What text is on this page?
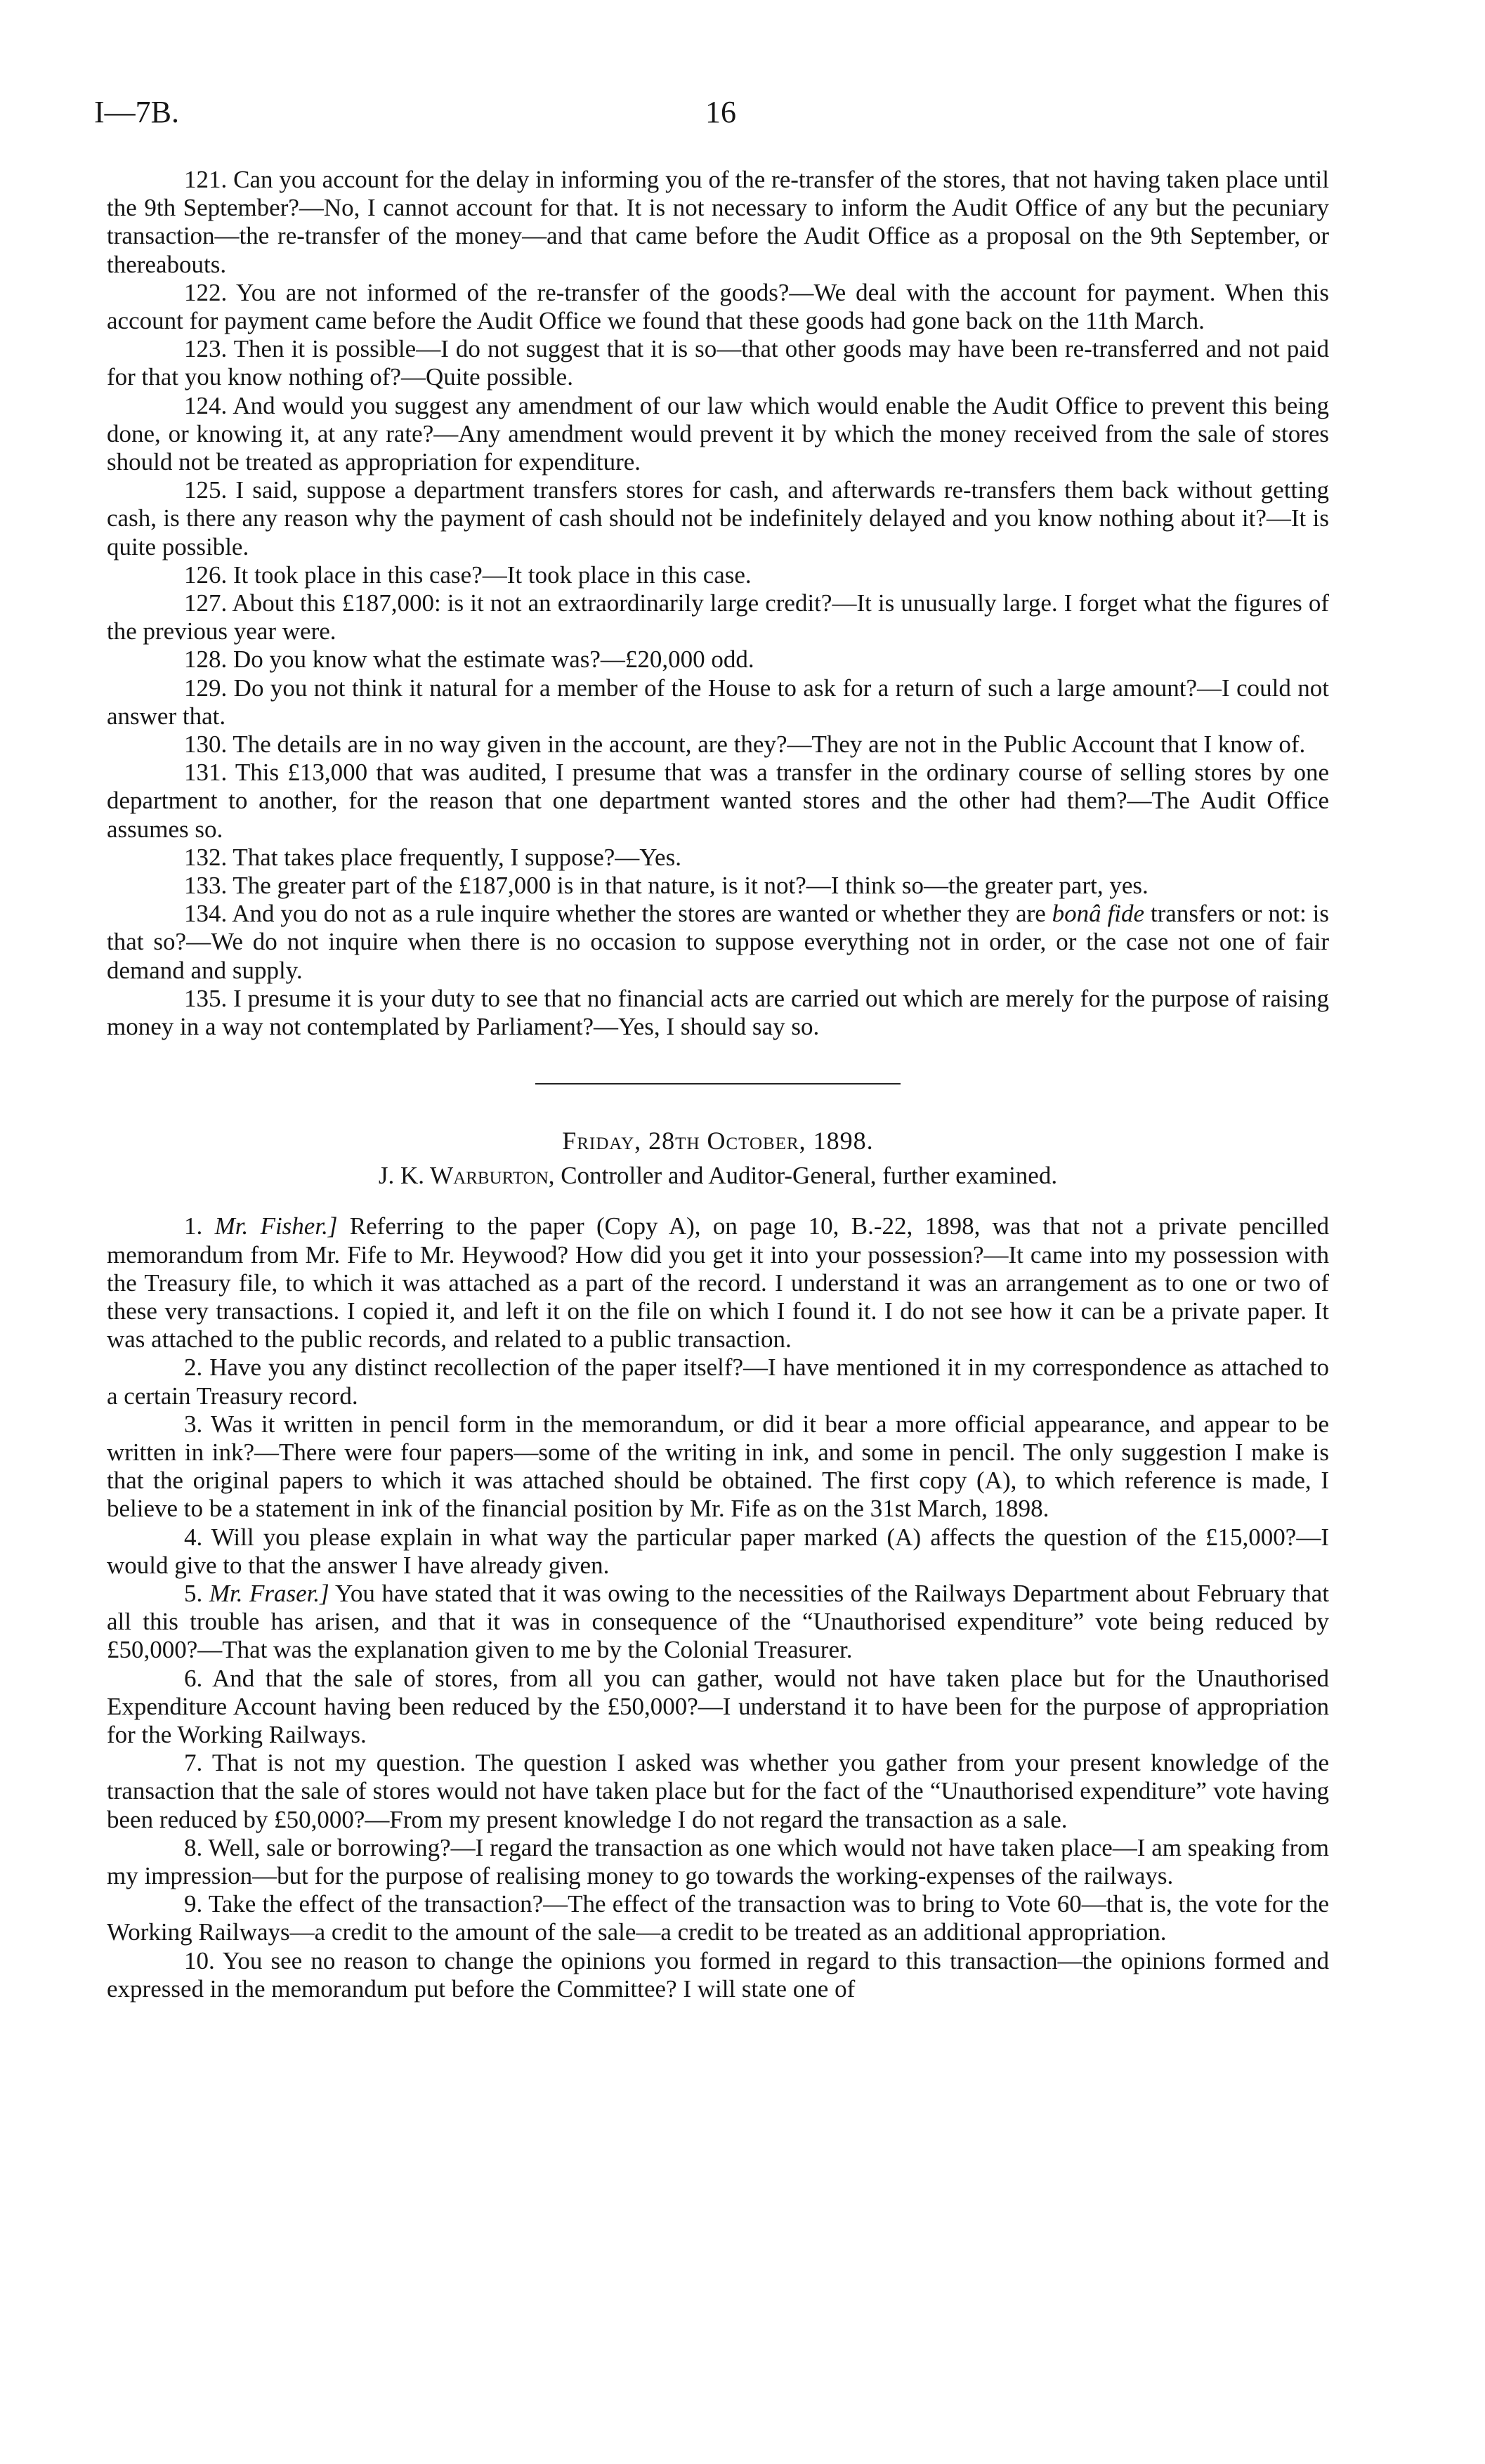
I—7B.	16

121. Can you account for the delay in informing you of the re-transfer of the stores, that not having taken place until the 9th September?—No, I cannot account for that. It is not necessary to inform the Audit Office of any but the pecuniary transaction—the re-transfer of the money—and that came before the Audit Office as a proposal on the 9th September, or thereabouts.

122. You are not informed of the re-transfer of the goods?—We deal with the account for payment. When this account for payment came before the Audit Office we found that these goods had gone back on the 11th March.

123. Then it is possible—I do not suggest that it is so—that other goods may have been re-transferred and not paid for that you know nothing of?—Quite possible.

124. And would you suggest any amendment of our law which would enable the Audit Office to prevent this being done, or knowing it, at any rate?—Any amendment would prevent it by which the money received from the sale of stores should not be treated as appropriation for expenditure.

125. I said, suppose a department transfers stores for cash, and afterwards re-transfers them back without getting cash, is there any reason why the payment of cash should not be indefinitely delayed and you know nothing about it?—It is quite possible.

126. It took place in this case?—It took place in this case.

127. About this £187,000: is it not an extraordinarily large credit?—It is unusually large. I forget what the figures of the previous year were.

128. Do you know what the estimate was?—£20,000 odd.

129. Do you not think it natural for a member of the House to ask for a return of such a large amount?—I could not answer that.

130. The details are in no way given in the account, are they?—They are not in the Public Account that I know of.

131. This £13,000 that was audited, I presume that was a transfer in the ordinary course of selling stores by one department to another, for the reason that one department wanted stores and the other had them?—The Audit Office assumes so.

132. That takes place frequently, I suppose?—Yes.

133. The greater part of the £187,000 is in that nature, is it not?—I think so—the greater part, yes.

134. And you do not as a rule inquire whether the stores are wanted or whether they are bonâ fide transfers or not: is that so?—We do not inquire when there is no occasion to suppose everything not in order, or the case not one of fair demand and supply.

135. I presume it is your duty to see that no financial acts are carried out which are merely for the purpose of raising money in a way not contemplated by Parliament?—Yes, I should say so.

Friday, 28th October, 1898.
J. K. Warburton, Controller and Auditor-General, further examined.

1. Mr. Fisher.] Referring to the paper (Copy A), on page 10, B.-22, 1898, was that not a private pencilled memorandum from Mr. Fife to Mr. Heywood? How did you get it into your possession?—It came into my possession with the Treasury file, to which it was attached as a part of the record. I understand it was an arrangement as to one or two of these very transactions. I copied it, and left it on the file on which I found it. I do not see how it can be a private paper. It was attached to the public records, and related to a public transaction.

2. Have you any distinct recollection of the paper itself?—I have mentioned it in my correspondence as attached to a certain Treasury record.

3. Was it written in pencil form in the memorandum, or did it bear a more official appearance, and appear to be written in ink?—There were four papers—some of the writing in ink, and some in pencil. The only suggestion I make is that the original papers to which it was attached should be obtained. The first copy (A), to which reference is made, I believe to be a statement in ink of the financial position by Mr. Fife as on the 31st March, 1898.

4. Will you please explain in what way the particular paper marked (A) affects the question of the £15,000?—I would give to that the answer I have already given.

5. Mr. Fraser.] You have stated that it was owing to the necessities of the Railways Department about February that all this trouble has arisen, and that it was in consequence of the “Unauthorised expenditure” vote being reduced by £50,000?—That was the explanation given to me by the Colonial Treasurer.

6. And that the sale of stores, from all you can gather, would not have taken place but for the Unauthorised Expenditure Account having been reduced by the £50,000?—I understand it to have been for the purpose of appropriation for the Working Railways.

7. That is not my question. The question I asked was whether you gather from your present knowledge of the transaction that the sale of stores would not have taken place but for the fact of the “Unauthorised expenditure” vote having been reduced by £50,000?—From my present knowledge I do not regard the transaction as a sale.

8. Well, sale or borrowing?—I regard the transaction as one which would not have taken place—I am speaking from my impression—but for the purpose of realising money to go towards the working-expenses of the railways.

9. Take the effect of the transaction?—The effect of the transaction was to bring to Vote 60—that is, the vote for the Working Railways—a credit to the amount of the sale—a credit to be treated as an additional appropriation.

10. You see no reason to change the opinions you formed in regard to this transaction—the opinions formed and expressed in the memorandum put before the Committee? I will state one of
